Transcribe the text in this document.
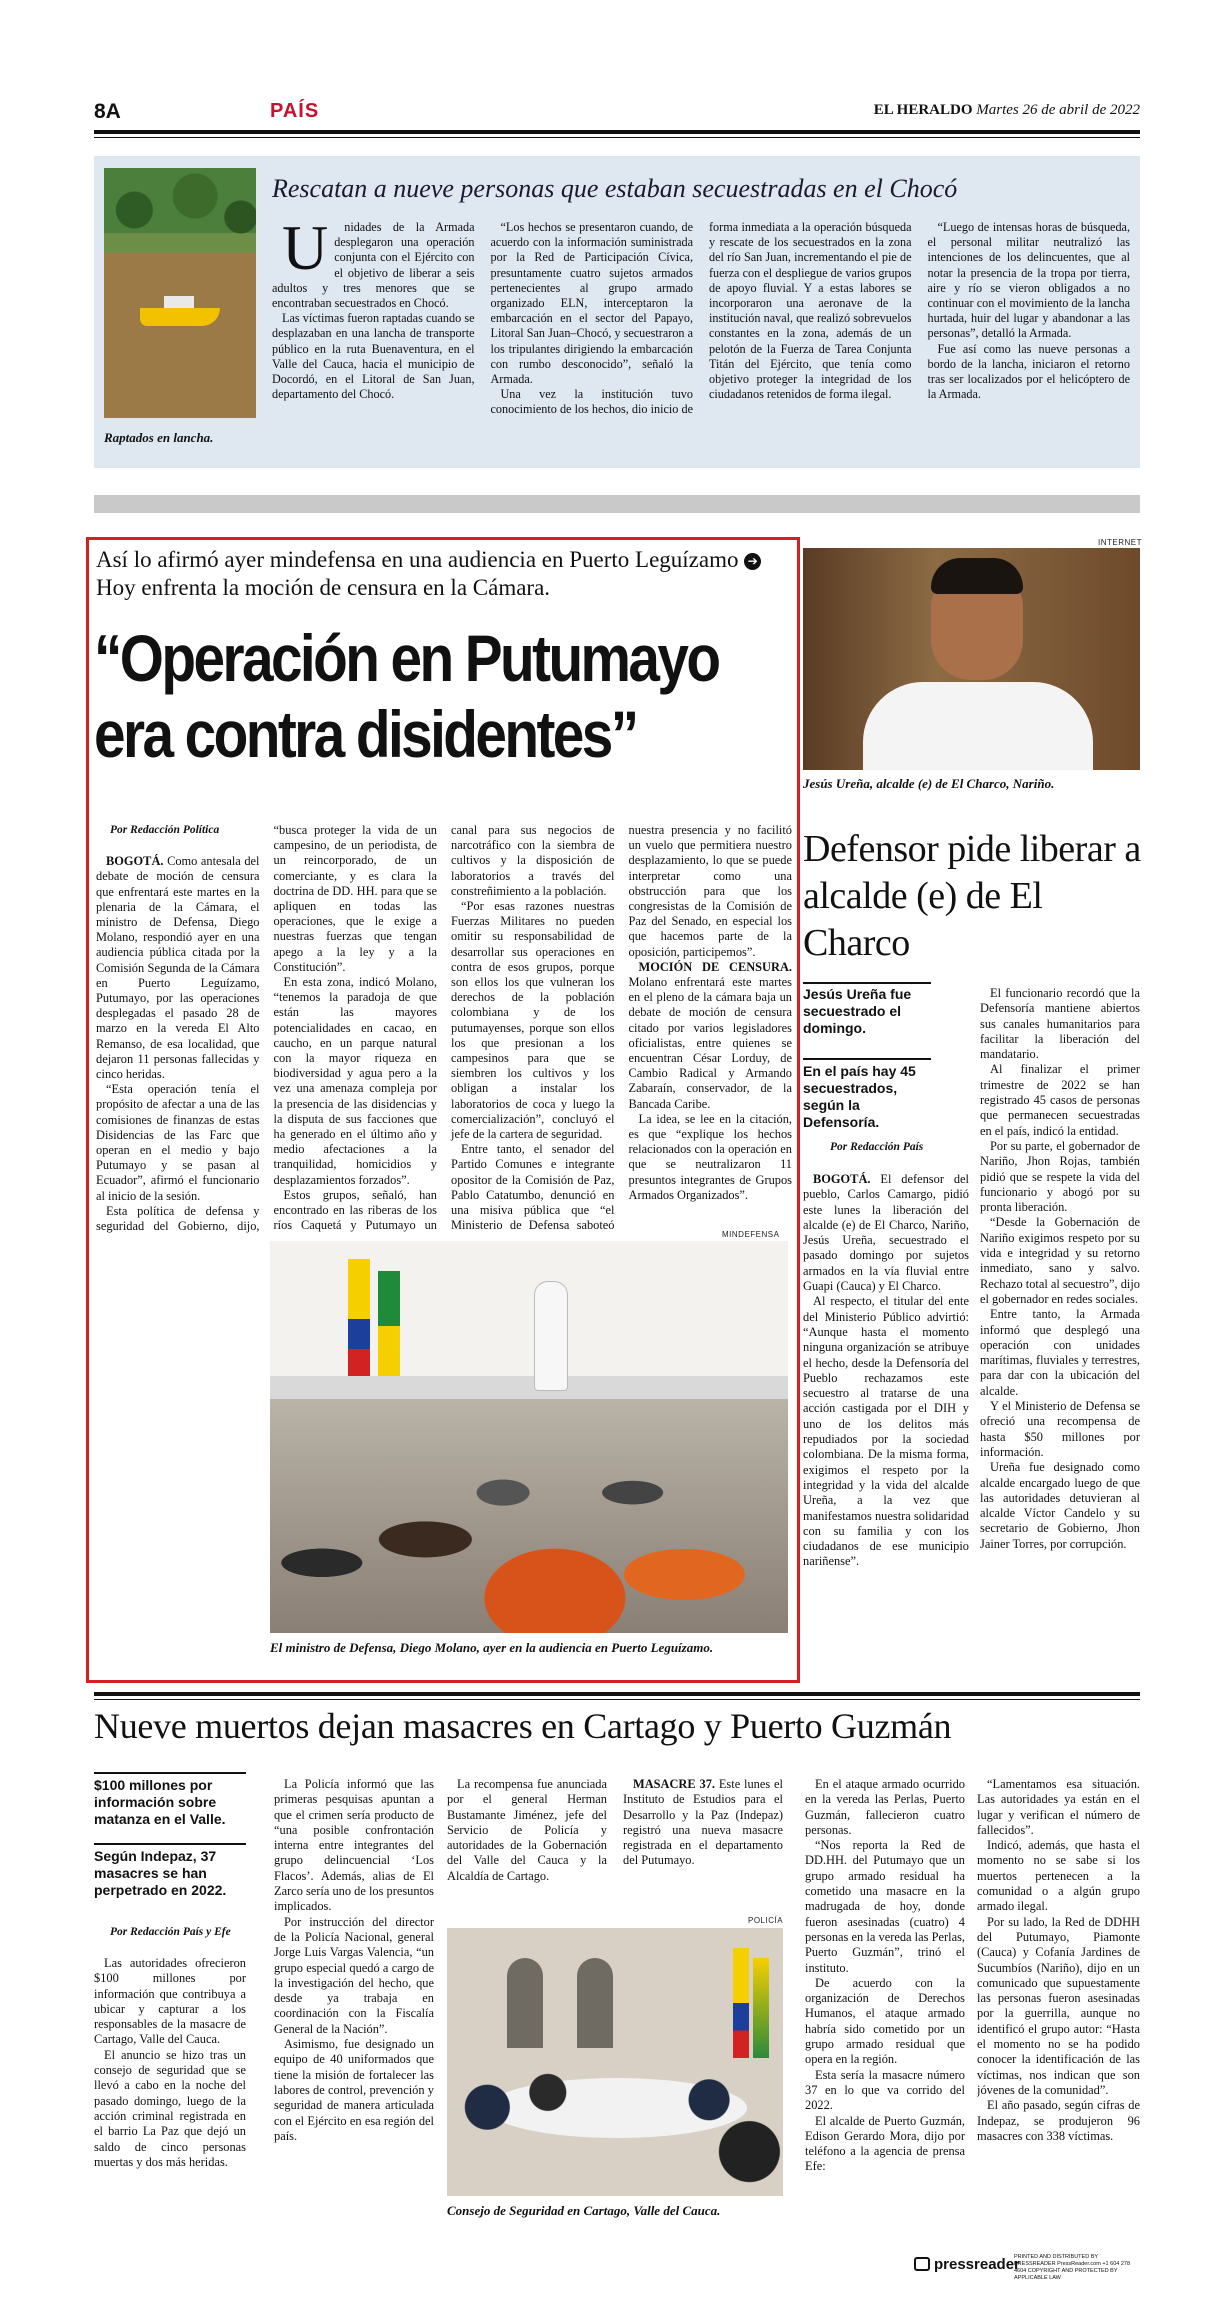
8A	PAÍS	EL HERALDO Martes 26 de abril de 2022
Raptados en lancha.
Rescatan a nueve personas que estaban secuestradas en el Chocó

U nidades de la Armada desplegaron una operación conjunta con el Ejército con el objetivo de liberar a seis adultos y tres menores que se encontraban secuestrados en Chocó.

Las víctimas fueron raptadas cuando se desplazaban en una lancha de transporte público en la ruta Buenaventura, en el Valle del Cauca, hacia el municipio de Docordó, en el Litoral de San Juan, departamento del Chocó.

“Los hechos se presentaron cuando, de acuerdo con la información suministrada por la Red de Participación Cívica, presuntamente cuatro sujetos armados pertenecientes al grupo armado organizado ELN, interceptaron la embarcación en el sector del Papayo, Litoral San Juan–Chocó, y secuestraron a los tripulantes dirigiendo la embarcación con rumbo desconocido”, señaló la Armada.

Una vez la institución tuvo conocimiento de los hechos, dio inicio de forma inmediata a la operación búsqueda y rescate de los secuestrados en la zona del río San Juan, incrementando el pie de fuerza con el despliegue de varios grupos de apoyo fluvial. Y a estas labores se incorporaron una aeronave de la institución naval, que realizó sobrevuelos constantes en la zona, además de un pelotón de la Fuerza de Tarea Conjunta Titán del Ejército, que tenía como objetivo proteger la integridad de los ciudadanos retenidos de forma ilegal.

“Luego de intensas horas de búsqueda, el personal militar neutralizó las intenciones de los delincuentes, que al notar la presencia de la tropa por tierra, aire y río se vieron obligados a no continuar con el movimiento de la lancha hurtada, huir del lugar y abandonar a las personas”, detalló la Armada.

Fue así como las nueve personas a bordo de la lancha, iniciaron el retorno tras ser localizados por el helicóptero de la Armada.

Así lo afirmó ayer mindefensa en una audiencia en Puerto Leguízamo ➔ Hoy enfrenta la moción de censura en la Cámara.
“Operación en Putumayo
era contra disidentes”

Por Redacción Política

BOGOTÁ. Como antesala del debate de moción de censura que enfrentará este martes en la plenaria de la Cámara, el ministro de Defensa, Diego Molano, respondió ayer en una audiencia pública citada por la Comisión Segunda de la Cámara en Puerto Leguízamo, Putumayo, por las operaciones desplegadas el pasado 28 de marzo en la vereda El Alto Remanso, de esa localidad, que dejaron 11 personas fallecidas y cinco heridas.

“Esta operación tenía el propósito de afectar a una de las comisiones de finanzas de estas Disidencias de las Farc que operan en el medio y bajo Putumayo y se pasan al Ecuador”, afirmó el funcionario al inicio de la sesión.

Esta política de defensa y seguridad del Gobierno, dijo, “busca proteger la vida de un campesino, de un periodista, de un reincorporado, de un comerciante, y es clara la doctrina de DD. HH. para que se apliquen en todas las operaciones, que le exige a nuestras fuerzas que tengan apego a la ley y a la Constitución”.

En esta zona, indicó Molano, “tenemos la paradoja de que están las mayores potencialidades en cacao, en caucho, en un parque natural con la mayor riqueza en biodiversidad y agua pero a la vez una amenaza compleja por la presencia de las disidencias y la disputa de sus facciones que ha generado en el último año y medio afectaciones a la tranquilidad, homicidios y desplazamientos forzados”.

Estos grupos, señaló, han encontrado en las riberas de los ríos Caquetá y Putumayo un canal para sus negocios de narcotráfico con la siembra de cultivos y la disposición de laboratorios a través del constreñimiento a la población.

“Por esas razones nuestras Fuerzas Militares no pueden omitir su responsabilidad de desarrollar sus operaciones en contra de esos grupos, porque son ellos los que vulneran los derechos de la población colombiana y de los putumayenses, porque son ellos los que presionan a los campesinos para que se siembren los cultivos y los obligan a instalar los laboratorios de coca y luego la comercialización”, concluyó el jefe de la cartera de seguridad.

Entre tanto, el senador del Partido Comunes e integrante opositor de la Comisión de Paz, Pablo Catatumbo, denunció en una misiva pública que “el Ministerio de Defensa saboteó nuestra presencia y no facilitó un vuelo que permitiera nuestro desplazamiento, lo que se puede interpretar como una obstrucción para que los congresistas de la Comisión de Paz del Senado, en especial los que hacemos parte de la oposición, participemos”.

MOCIÓN DE CENSURA. Molano enfrentará este martes en el pleno de la cámara baja un debate de moción de censura citado por varios legisladores oficialistas, entre quienes se encuentran César Lorduy, de Cambio Radical y Armando Zabaraín, conservador, de la Bancada Caribe.

La idea, se lee en la citación, es que “explique los hechos relacionados con la operación en que se neutralizaron 11 presuntos integrantes de Grupos Armados Organizados”.

MINDEFENSA
El ministro de Defensa, Diego Molano, ayer en la audiencia en Puerto Leguízamo.
INTERNET
Jesús Ureña, alcalde (e) de El Charco, Nariño.
Defensor pide liberar a alcalde (e) de El Charco
Jesús Ureña fue secuestrado el domingo.
En el país hay 45 secuestrados, según la Defensoría.
Por Redacción País

BOGOTÁ. El defensor del pueblo, Carlos Camargo, pidió este lunes la liberación del alcalde (e) de El Charco, Nariño, Jesús Ureña, secuestrado el pasado domingo por sujetos armados en la vía fluvial entre Guapi (Cauca) y El Charco.

Al respecto, el titular del ente del Ministerio Público advirtió: “Aunque hasta el momento ninguna organización se atribuye el hecho, desde la Defensoría del Pueblo rechazamos este secuestro al tratarse de una acción castigada por el DIH y uno de los delitos más repudiados por la sociedad colombiana. De la misma forma, exigimos el respeto por la integridad y la vida del alcalde Ureña, a la vez que manifestamos nuestra solidaridad con su familia y con los ciudadanos de ese municipio nariñense”.

El funcionario recordó que la Defensoría mantiene abiertos sus canales humanitarios para facilitar la liberación del mandatario.

Al finalizar el primer trimestre de 2022 se han registrado 45 casos de personas que permanecen secuestradas en el país, indicó la entidad.

Por su parte, el gobernador de Nariño, Jhon Rojas, también pidió que se respete la vida del funcionario y abogó por su pronta liberación.

“Desde la Gobernación de Nariño exigimos respeto por su vida e integridad y su retorno inmediato, sano y salvo. Rechazo total al secuestro”, dijo el gobernador en redes sociales.

Entre tanto, la Armada informó que desplegó una operación con unidades marítimas, fluviales y terrestres, para dar con la ubicación del alcalde.

Y el Ministerio de Defensa se ofreció una recompensa de hasta $50 millones por información.

Ureña fue designado como alcalde encargado luego de que las autoridades detuvieran al alcalde Víctor Candelo y su secretario de Gobierno, Jhon Jainer Torres, por corrupción.

Nueve muertos dejan masacres en Cartago y Puerto Guzmán
$100 millones por información sobre matanza en el Valle.
Según Indepaz, 37 masacres se han perpetrado en 2022.
Por Redacción País y Efe

Las autoridades ofrecieron $100 millones por información que contribuya a ubicar y capturar a los responsables de la masacre de Cartago, Valle del Cauca.

El anuncio se hizo tras un consejo de seguridad que se llevó a cabo en la noche del pasado domingo, luego de la acción criminal registrada en el barrio La Paz que dejó un saldo de cinco personas muertas y dos más heridas.

La Policía informó que las primeras pesquisas apuntan a que el crimen sería producto de “una posible confrontación interna entre integrantes del grupo delincuencial ‘Los Flacos’. Además, alias de El Zarco sería uno de los presuntos implicados.

Por instrucción del director de la Policía Nacional, general Jorge Luis Vargas Valencia, “un grupo especial quedó a cargo de la investigación del hecho, que desde ya trabaja en coordinación con la Fiscalía General de la Nación”.

Asimismo, fue designado un equipo de 40 uniformados que tiene la misión de fortalecer las labores de control, prevención y seguridad de manera articulada con el Ejército en esa región del país.

La recompensa fue anunciada por el general Herman Bustamante Jiménez, jefe del Servicio de Policía y autoridades de la Gobernación del Valle del Cauca y la Alcaldía de Cartago.

MASACRE 37. Este lunes el Instituto de Estudios para el Desarrollo y la Paz (Indepaz) registró una nueva masacre registrada en el departamento del Putumayo.

POLICÍA
Consejo de Seguridad en Cartago, Valle del Cauca.

En el ataque armado ocurrido en la vereda las Perlas, Puerto Guzmán, fallecieron cuatro personas.

“Nos reporta la Red de DD.HH. del Putumayo que un grupo armado residual ha cometido una masacre en la madrugada de hoy, donde fueron asesinadas (cuatro) 4 personas en la vereda las Perlas, Puerto Guzmán”, trinó el instituto.

De acuerdo con la organización de Derechos Humanos, el ataque armado habría sido cometido por un grupo armado residual que opera en la región.

Esta sería la masacre número 37 en lo que va corrido del 2022.

El alcalde de Puerto Guzmán, Edison Gerardo Mora, dijo por teléfono a la agencia de prensa Efe:

“Lamentamos esa situación. Las autoridades ya están en el lugar y verifican el número de fallecidos”.

Indicó, además, que hasta el momento no se sabe si los muertos pertenecen a la comunidad o a algún grupo armado ilegal.

Por su lado, la Red de DDHH del Putumayo, Piamonte (Cauca) y Cofanía Jardines de Sucumbíos (Nariño), dijo en un comunicado que supuestamente las personas fueron asesinadas por la guerrilla, aunque no identificó el grupo autor: “Hasta el momento no se ha podido conocer la identificación de las víctimas, nos indican que son jóvenes de la comunidad”.

El año pasado, según cifras de Indepaz, se produjeron 96 masacres con 338 víctimas.

pressreader
PRINTED AND DISTRIBUTED BY PRESSREADER PressReader.com +1 604 278 4604 COPYRIGHT AND PROTECTED BY APPLICABLE LAW
